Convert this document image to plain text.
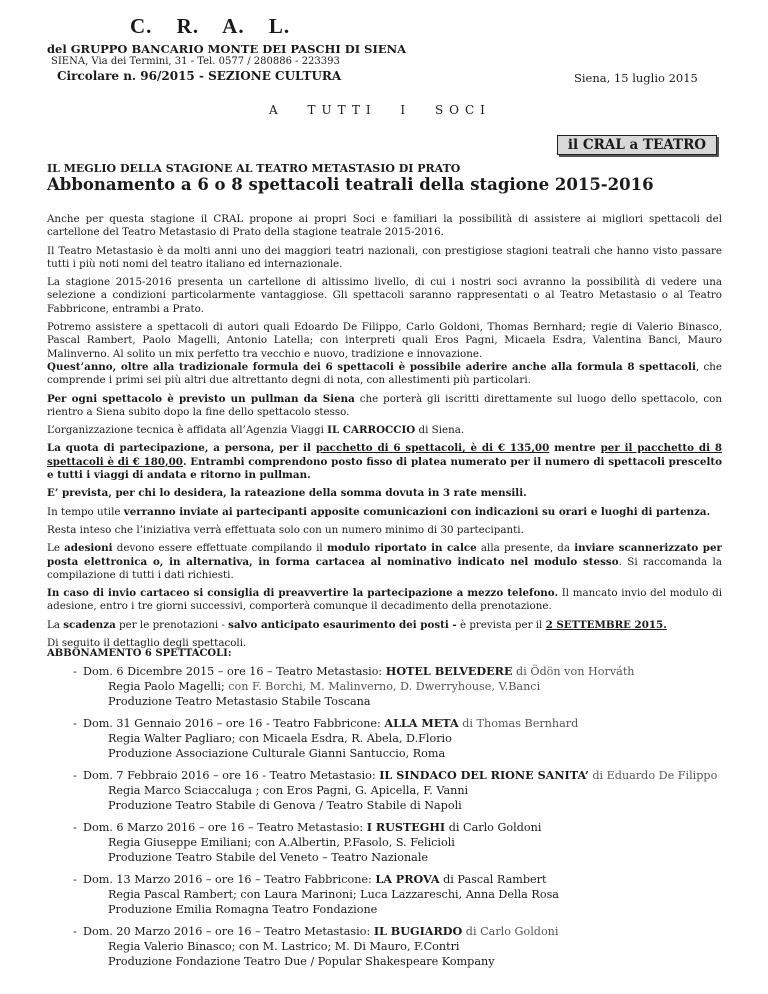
C. R. A. L.
del GRUPPO BANCARIO MONTE DEI PASCHI DI SIENA
SIENA, Via dei Termini, 31 - Tel. 0577 / 280886 - 223393
Circolare n. 96/2015 - SEZIONE CULTURA	Siena, 15 luglio 2015
A TUTTI I SOCI
il CRAL a TEATRO
IL MEGLIO DELLA STAGIONE AL TEATRO METASTASIO DI PRATO
Abbonamento a 6 o 8 spettacoli teatrali della stagione 2015-2016

Anche per questa stagione il CRAL propone ai propri Soci e familiari la possibilità di assistere ai migliori spettacoli del cartellone del Teatro Metastasio di Prato della stagione teatrale 2015-2016.

Il Teatro Metastasio è da molti anni uno dei maggiori teatri nazionali, con prestigiose stagioni teatrali che hanno visto passare tutti i più noti nomi del teatro italiano ed internazionale.

La stagione 2015-2016 presenta un cartellone di altissimo livello, di cui i nostri soci avranno la possibilità di vedere una selezione a condizioni particolarmente vantaggiose. Gli spettacoli saranno rappresentati o al Teatro Metastasio o al Teatro Fabbricone, entrambi a Prato.

Potremo assistere a spettacoli di autori quali Edoardo De Filippo, Carlo Goldoni, Thomas Bernhard; regie di Valerio Binasco, Pascal Rambert, Paolo Magelli, Antonio Latella; con interpreti quali Eros Pagni, Micaela Esdra, Valentina Banci, Mauro Malinverno. Al solito un mix perfetto tra vecchio e nuovo, tradizione e innovazione.

Quest’anno, oltre alla tradizionale formula dei 6 spettacoli è possibile aderire anche alla formula 8 spettacoli, che comprende i primi sei più altri due altrettanto degni di nota, con allestimenti più particolari.

Per ogni spettacolo è previsto un pullman da Siena che porterà gli iscritti direttamente sul luogo dello spettacolo, con rientro a Siena subito dopo la fine dello spettacolo stesso.

L’organizzazione tecnica è affidata all’Agenzia Viaggi IL CARROCCIO di Siena.

La quota di partecipazione, a persona, per il pacchetto di 6 spettacoli, è di € 135,00 mentre per il pacchetto di 8 spettacoli è di € 180,00. Entrambi comprendono posto fisso di platea numerato per il numero di spettacoli prescelto e tutti i viaggi di andata e ritorno in pullman.

E’ prevista, per chi lo desidera, la rateazione della somma dovuta in 3 rate mensili.

In tempo utile verranno inviate ai partecipanti apposite comunicazioni con indicazioni su orari e luoghi di partenza.

Resta inteso che l’iniziativa verrà effettuata solo con un numero minimo di 30 partecipanti.

Le adesioni devono essere effettuate compilando il modulo riportato in calce alla presente, da inviare scannerizzato per posta elettronica o, in alternativa, in forma cartacea al nominativo indicato nel modulo stesso. Si raccomanda la compilazione di tutti i dati richiesti.

In caso di invio cartaceo si consiglia di preavvertire la partecipazione a mezzo telefono. Il mancato invio del modulo di adesione, entro i tre giorni successivi, comporterà comunque il decadimento della prenotazione.

La scadenza per le prenotazioni - salvo anticipato esaurimento dei posti - è prevista per il 2 SETTEMBRE 2015.

Di seguito il dettaglio degli spettacoli.

ABBONAMENTO 6 SPETTACOLI:
- Dom. 6 Dicembre 2015 – ore 16 – Teatro Metastasio: HOTEL BELVEDERE di Ödön von Horváth
Regia Paolo Magelli; con F. Borchi, M. Malinverno, D. Dwerryhouse, V.Banci
Produzione Teatro Metastasio Stabile Toscana
- Dom. 31 Gennaio 2016 – ore 16 - Teatro Fabbricone: ALLA META di Thomas Bernhard
Regia Walter Pagliaro; con Micaela Esdra, R. Abela, D.Florio
Produzione Associazione Culturale Gianni Santuccio, Roma
- Dom. 7 Febbraio 2016 – ore 16 - Teatro Metastasio: IL SINDACO DEL RIONE SANITA’ di Eduardo De Filippo
Regia Marco Sciaccaluga ; con Eros Pagni, G. Apicella, F. Vanni
Produzione Teatro Stabile di Genova / Teatro Stabile di Napoli
- Dom. 6 Marzo 2016 – ore 16 – Teatro Metastasio: I RUSTEGHI di Carlo Goldoni
Regia Giuseppe Emiliani; con A.Albertin, P.Fasolo, S. Felicioli
Produzione Teatro Stabile del Veneto – Teatro Nazionale
- Dom. 13 Marzo 2016 – ore 16 – Teatro Fabbricone: LA PROVA di Pascal Rambert
Regia Pascal Rambert; con Laura Marinoni; Luca Lazzareschi, Anna Della Rosa
Produzione Emilia Romagna Teatro Fondazione
- Dom. 20 Marzo 2016 – ore 16 – Teatro Metastasio: IL BUGIARDO di Carlo Goldoni
Regia Valerio Binasco; con M. Lastrico; M. Di Mauro, F.Contri
Produzione Fondazione Teatro Due / Popular Shakespeare Kompany
